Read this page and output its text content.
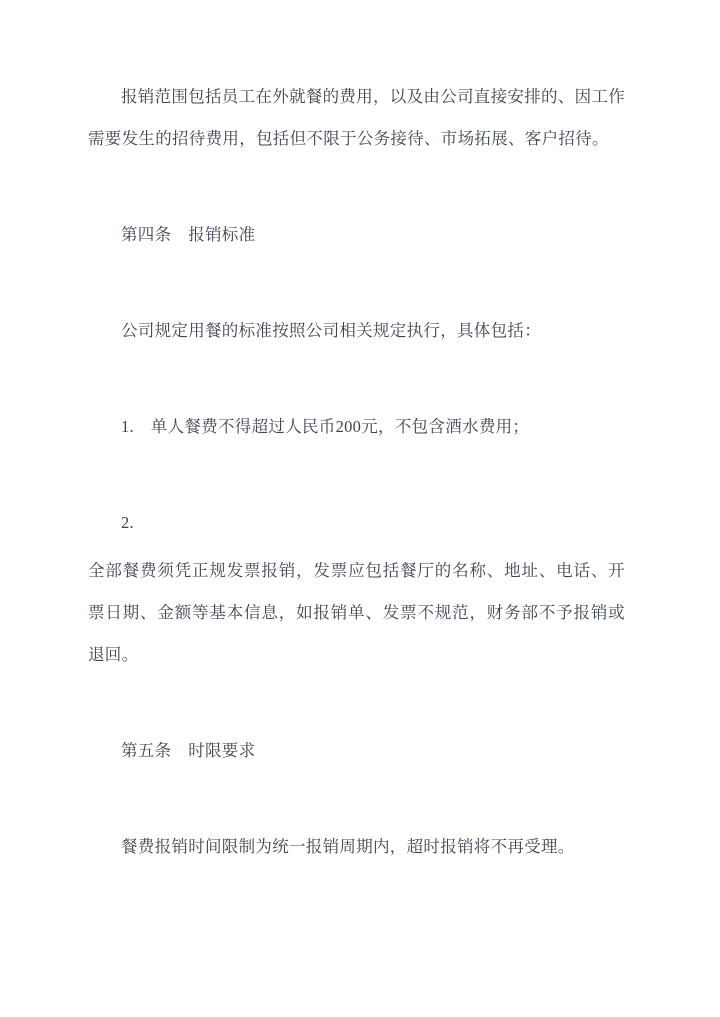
报销范围包括员工在外就餐的费用，以及由公司直接安排的、因工作需要发生的招待费用，包括但不限于公务接待、市场拓展、客户招待。

第四条　报销标准

公司规定用餐的标准按照公司相关规定执行，具体包括：

1.　单人餐费不得超过人民币200元，不包含酒水费用；

2.

全部餐费须凭正规发票报销，发票应包括餐厅的名称、地址、电话、开票日期、金额等基本信息，如报销单、发票不规范，财务部不予报销或退回。

第五条　时限要求

餐费报销时间限制为统一报销周期内，超时报销将不再受理。
